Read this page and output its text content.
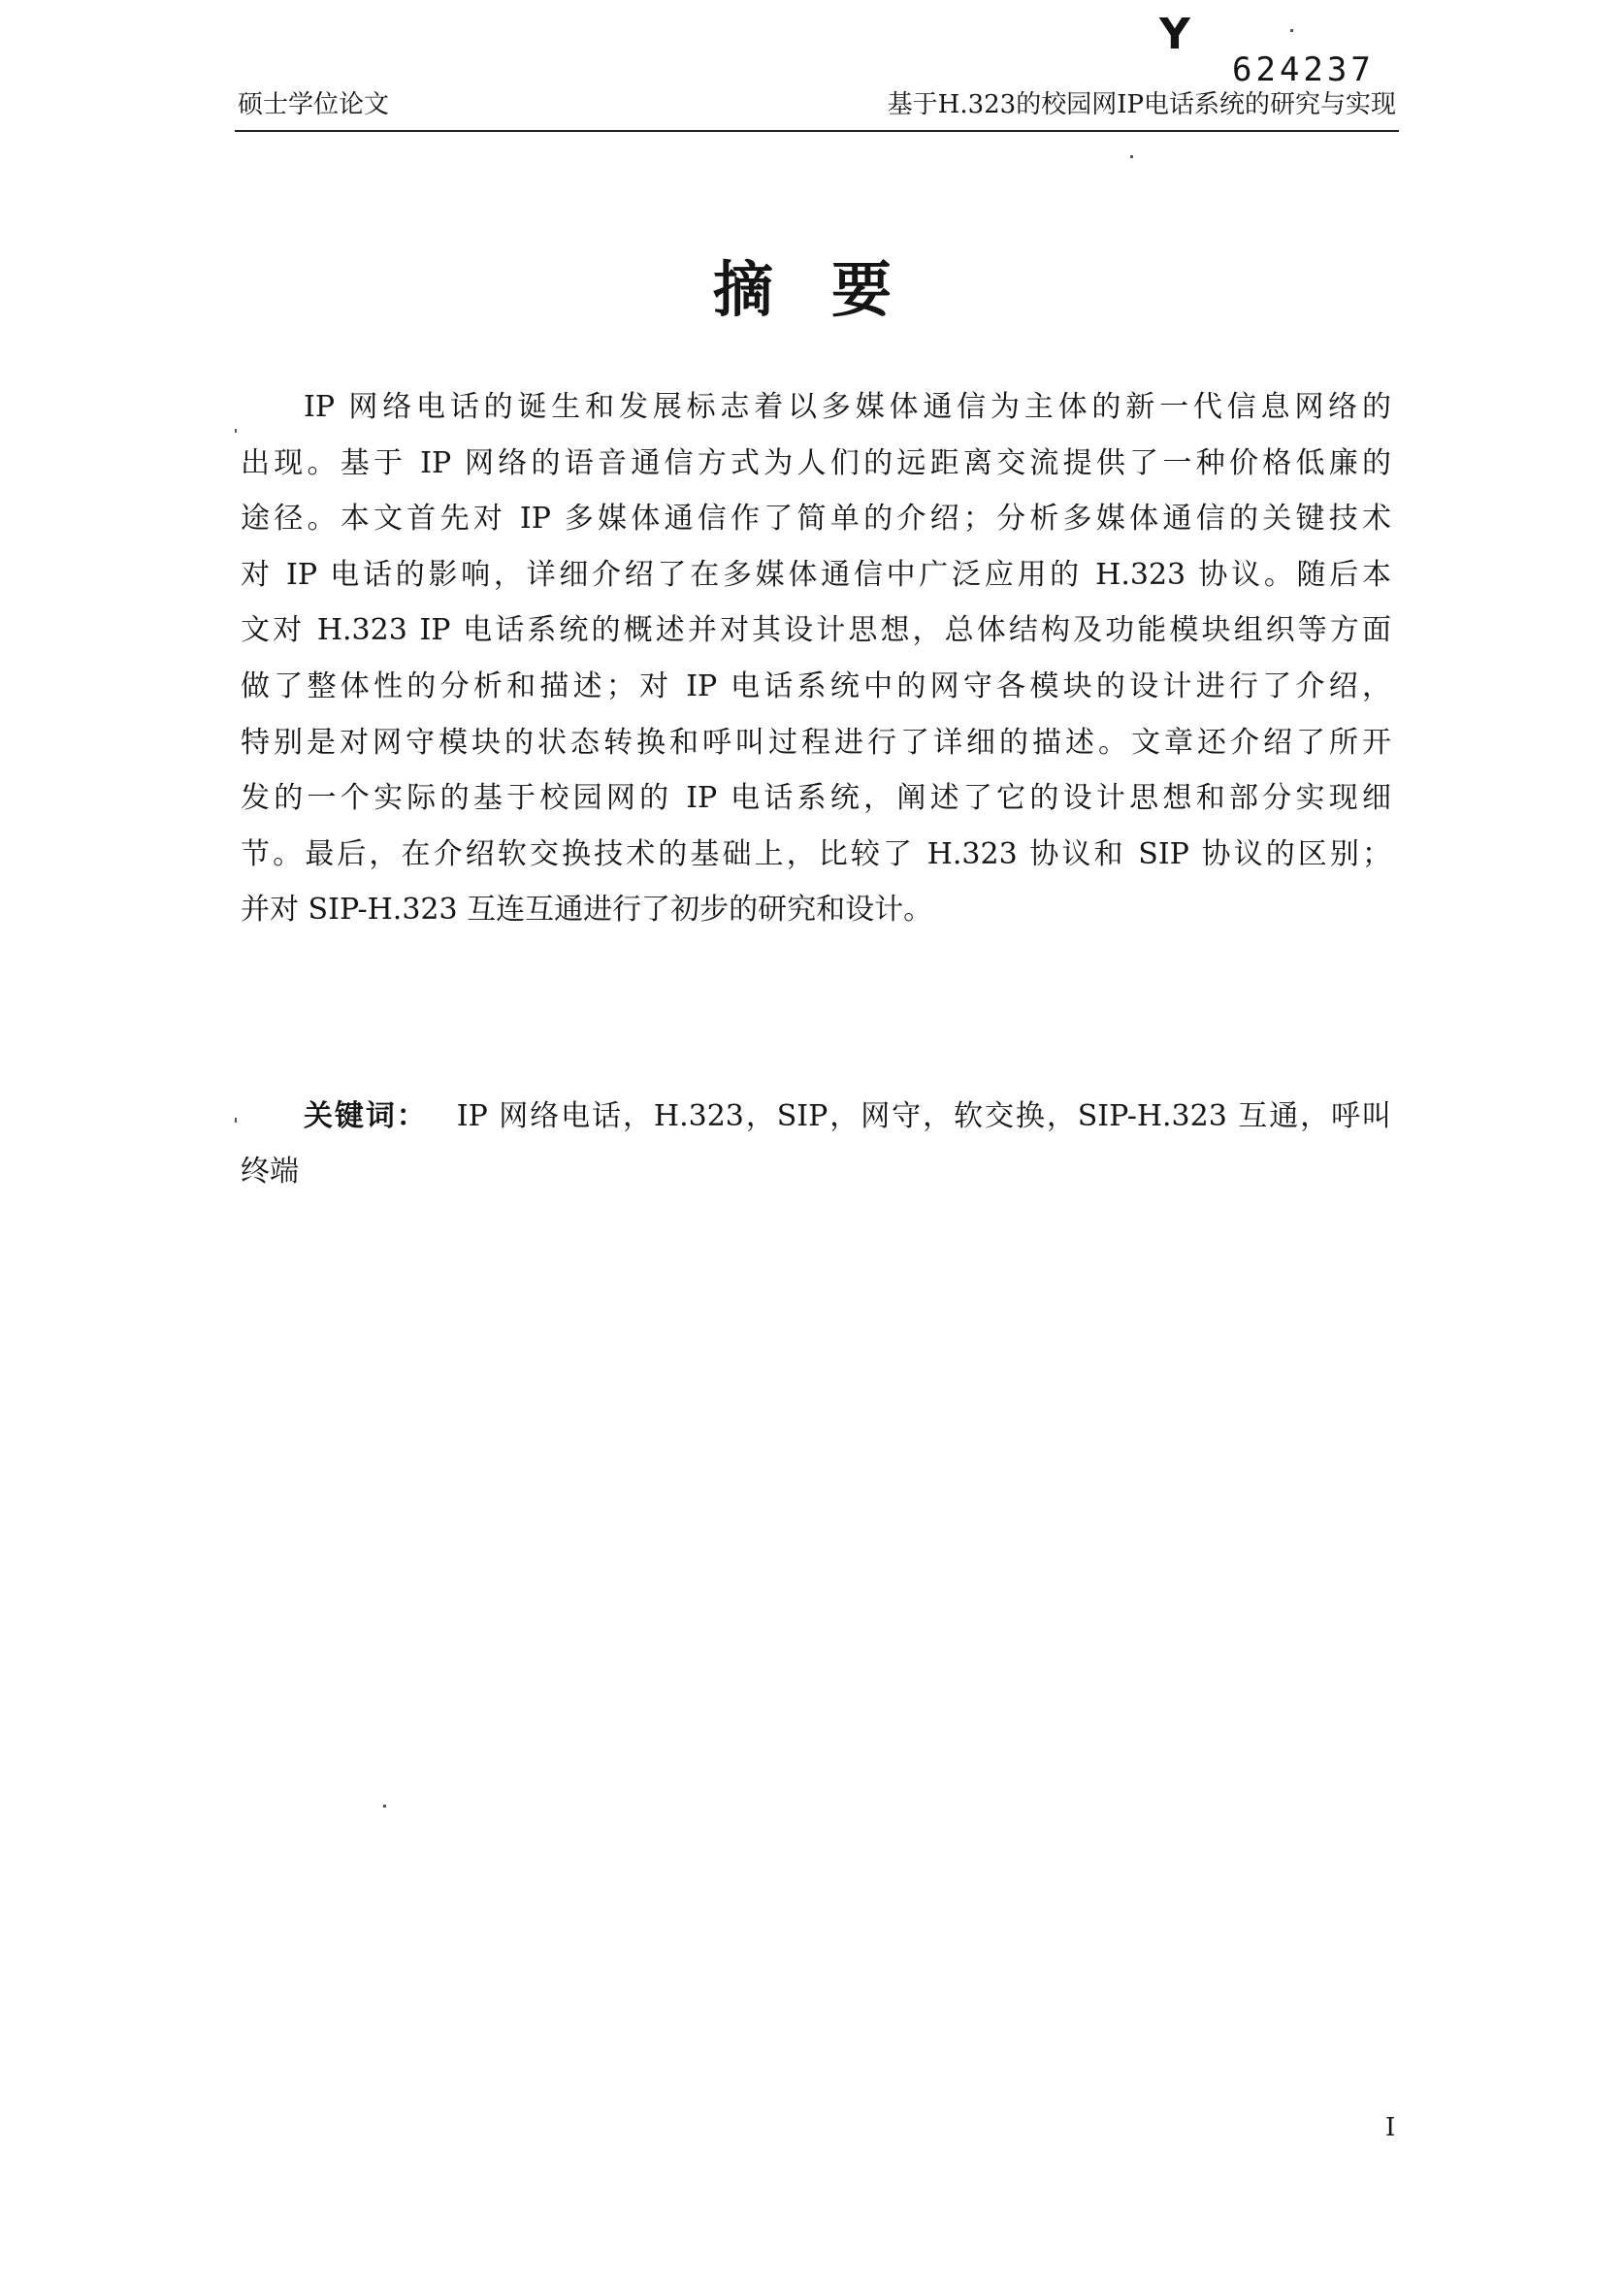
Y
624237
硕士学位论文	基于H.323的校园网IP电话系统的研究与实现
摘要
IP 网络电话的诞生和发展标志着以多媒体通信为主体的新一代信息网络的
出现。基于 IP 网络的语音通信方式为人们的远距离交流提供了一种价格低廉的
途径。本文首先对 IP 多媒体通信作了简单的介绍；分析多媒体通信的关键技术
对 IP 电话的影响，详细介绍了在多媒体通信中广泛应用的 H.323 协议。随后本
文对 H.323 IP 电话系统的概述并对其设计思想，总体结构及功能模块组织等方面
做了整体性的分析和描述；对 IP 电话系统中的网守各模块的设计进行了介绍，
特别是对网守模块的状态转换和呼叫过程进行了详细的描述。文章还介绍了所开
发的一个实际的基于校园网的 IP 电话系统，阐述了它的设计思想和部分实现细
节。最后，在介绍软交换技术的基础上，比较了 H.323 协议和 SIP 协议的区别；
并对 SIP-H.323 互连互通进行了初步的研究和设计。
关键词： IP 网络电话，H.323，SIP，网守，软交换，SIP-H.323 互通，呼叫
终端
I
